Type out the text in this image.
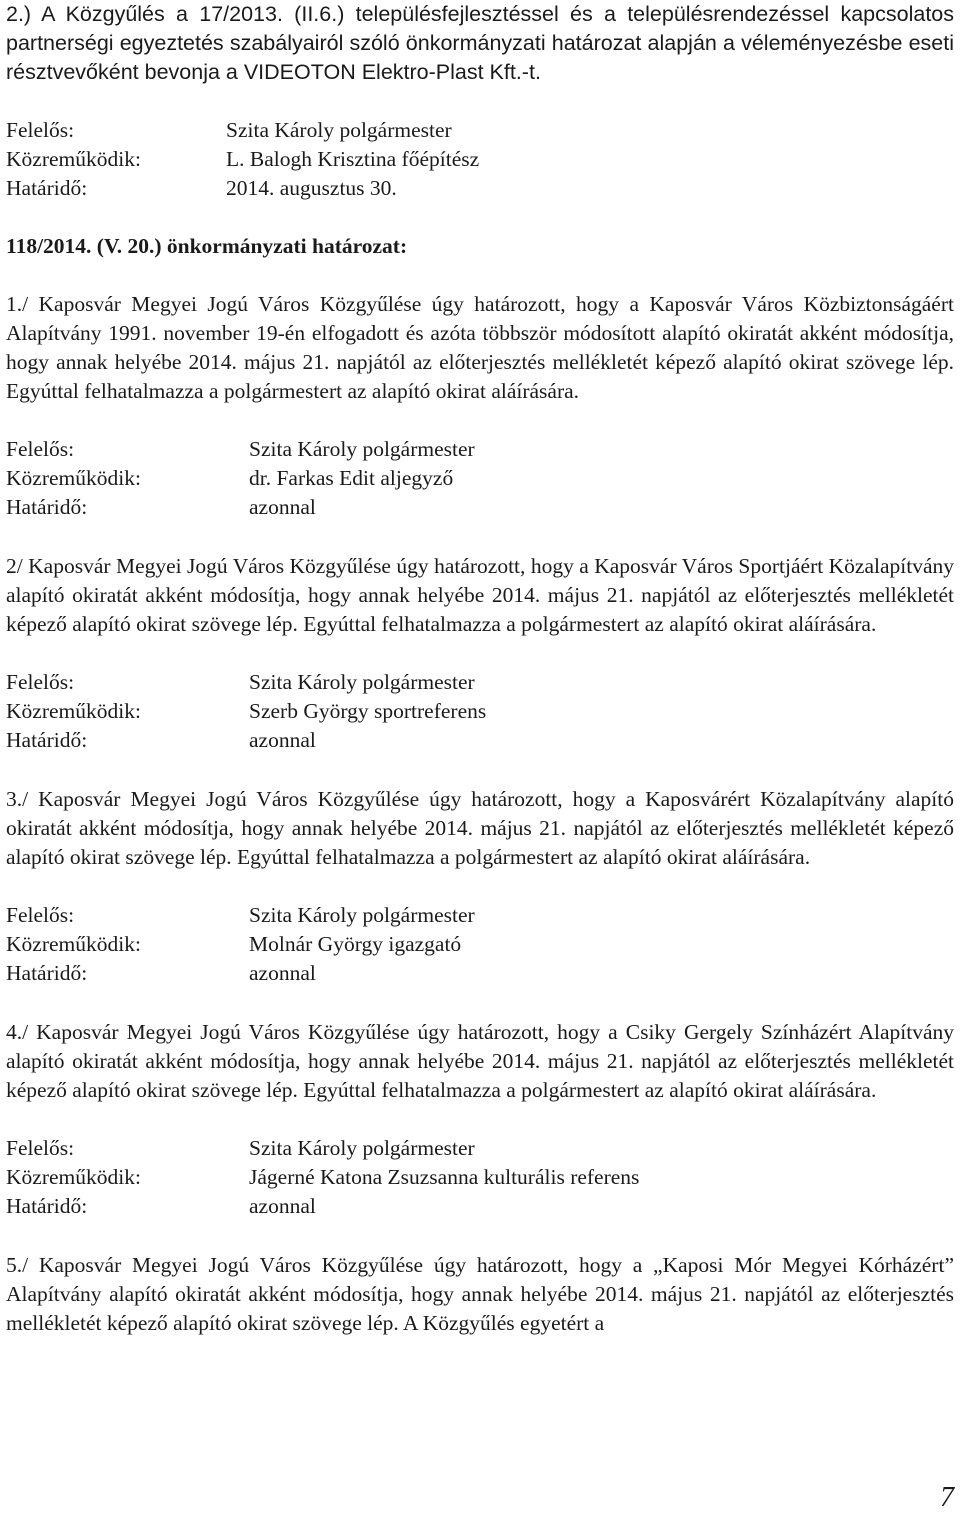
2.) A Közgyűlés a 17/2013. (II.6.) településfejlesztéssel és a településrendezéssel kapcsolatos partnerségi egyeztetés szabályairól szóló önkormányzati határozat alapján a véleményezésbe eseti résztvevőként bevonja a VIDEOTON Elektro-Plast Kft.-t.

Felelős:	Szita Károly polgármester
Közreműködik:	L. Balogh Krisztina főépítész
Határidő:	2014. augusztus 30.

118/2014. (V. 20.) önkormányzati határozat:

1./ Kaposvár Megyei Jogú Város Közgyűlése úgy határozott, hogy a Kaposvár Város Közbiztonságáért Alapítvány 1991. november 19-én elfogadott és azóta többször módosított alapító okiratát akként módosítja, hogy annak helyébe 2014. május 21. napjától az előterjesztés mellékletét képező alapító okirat szövege lép. Egyúttal felhatalmazza a polgármestert az alapító okirat aláírására.

Felelős:	Szita Károly polgármester
Közreműködik:	dr. Farkas Edit aljegyző
Határidő:	azonnal

2/ Kaposvár Megyei Jogú Város Közgyűlése úgy határozott, hogy a Kaposvár Város Sportjáért Közalapítvány alapító okiratát akként módosítja, hogy annak helyébe 2014. május 21. napjától az előterjesztés mellékletét képező alapító okirat szövege lép. Egyúttal felhatalmazza a polgármestert az alapító okirat aláírására.

Felelős:	Szita Károly polgármester
Közreműködik:	Szerb György sportreferens
Határidő:	azonnal

3./ Kaposvár Megyei Jogú Város Közgyűlése úgy határozott, hogy a Kaposvárért Közalapítvány alapító okiratát akként módosítja, hogy annak helyébe 2014. május 21. napjától az előterjesztés mellékletét képező alapító okirat szövege lép. Egyúttal felhatalmazza a polgármestert az alapító okirat aláírására.

Felelős:	Szita Károly polgármester
Közreműködik:	Molnár György igazgató
Határidő:	azonnal

4./ Kaposvár Megyei Jogú Város Közgyűlése úgy határozott, hogy a Csiky Gergely Színházért Alapítvány alapító okiratát akként módosítja, hogy annak helyébe 2014. május 21. napjától az előterjesztés mellékletét képező alapító okirat szövege lép. Egyúttal felhatalmazza a polgármestert az alapító okirat aláírására.

Felelős:	Szita Károly polgármester
Közreműködik:	Jágerné Katona Zsuzsanna kulturális referens
Határidő:	azonnal

5./ Kaposvár Megyei Jogú Város Közgyűlése úgy határozott, hogy a „Kaposi Mór Megyei Kórházért” Alapítvány alapító okiratát akként módosítja, hogy annak helyébe 2014. május 21. napjától az előterjesztés mellékletét képező alapító okirat szövege lép. A Közgyűlés egyetért a

7
